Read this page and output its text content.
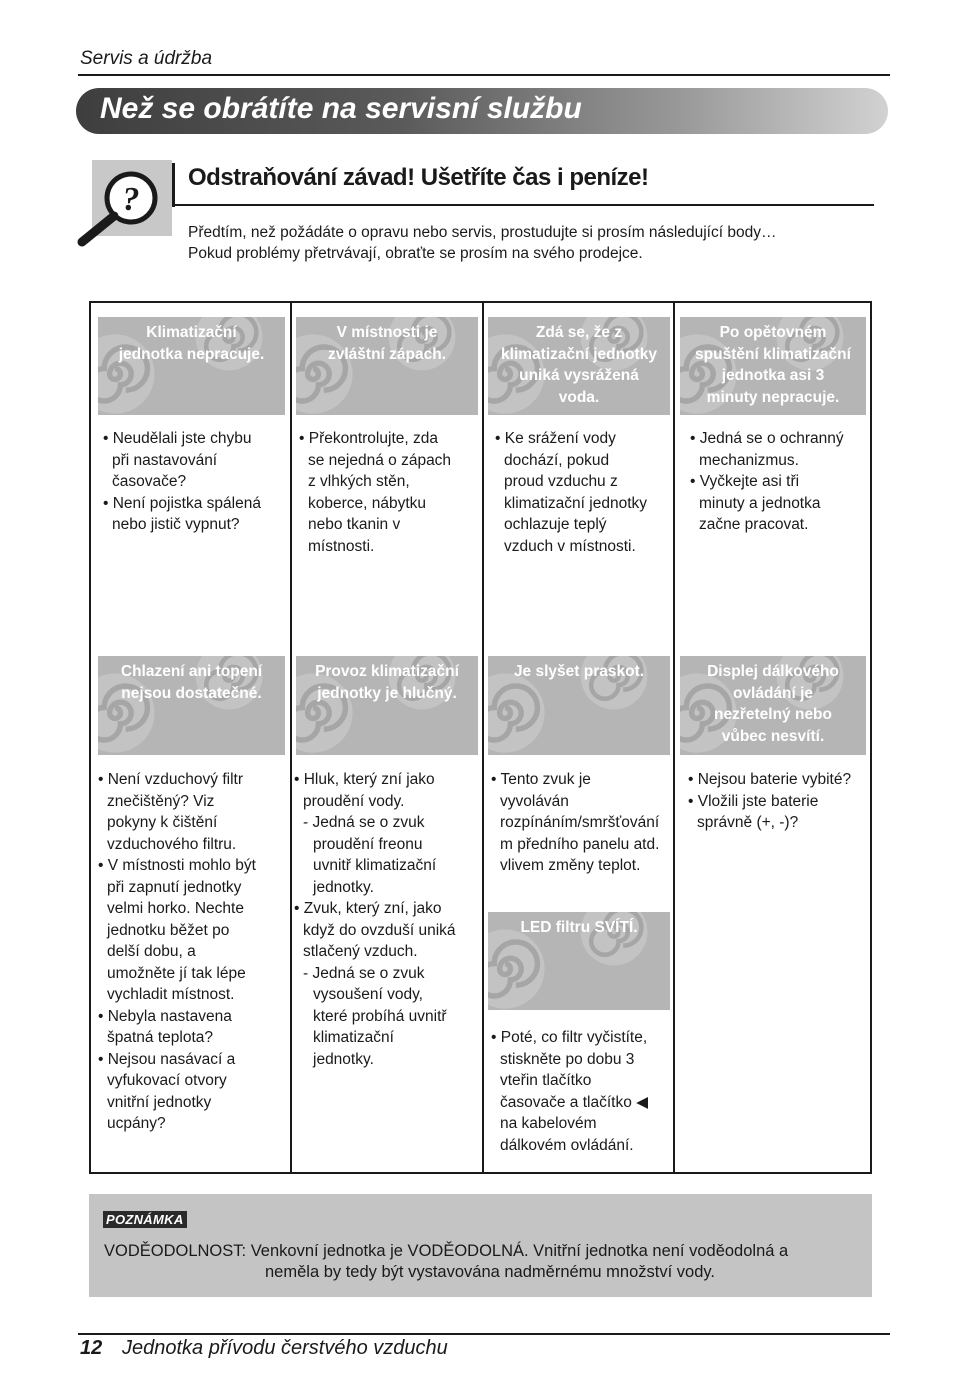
Servis a údržba
Než se obrátíte na servisní službu
?
Odstraňování závad! Ušetříte čas i peníze!
Předtím, než požádáte o opravu nebo servis, prostudujte si prosím následující body…
Pokud problémy přetrvávají, obraťte se prosím na svého prodejce.
Klimatizační
jednotka nepracuje.
• Neudělali jste chybu
při nastavování
časovače?
• Není pojistka spálená
nebo jistič vypnut?
V místnosti je
zvláštní zápach.
• Překontrolujte, zda
se nejedná o zápach
z vlhkých stěn,
koberce, nábytku
nebo tkanin v
místnosti.
Zdá se, že z
klimatizační jednotky
uniká vysrážená
voda.
• Ke srážení vody
dochází, pokud
proud vzduchu z
klimatizační jednotky
ochlazuje teplý
vzduch v místnosti.
Po opětovném
spuštění klimatizační
jednotka asi 3
minuty nepracuje.
• Jedná se o ochranný
mechanizmus.
• Vyčkejte asi tři
minuty a jednotka
začne pracovat.
Chlazení ani topení
nejsou dostatečné.
• Není vzduchový filtr
znečištěný? Viz
pokyny k čištění
vzduchového filtru.
• V místnosti mohlo být
při zapnutí jednotky
velmi horko. Nechte
jednotku běžet po
delší dobu, a
umožněte jí tak lépe
vychladit místnost.
• Nebyla nastavena
špatná teplota?
• Nejsou nasávací a
vyfukovací otvory
vnitřní jednotky
ucpány?
Provoz klimatizační
jednotky je hlučný.
• Hluk, který zní jako
proudění vody.
- Jedná se o zvuk
proudění freonu
uvnitř klimatizační
jednotky.
• Zvuk, který zní, jako
když do ovzduší uniká
stlačený vzduch.
- Jedná se o zvuk
vysoušení vody,
které probíhá uvnitř
klimatizační
jednotky.
Je slyšet praskot.
• Tento zvuk je
vyvoláván
rozpínáním/smršťování
m předního panelu atd.
vlivem změny teplot.
Displej dálkového
ovládání je
nezřetelný nebo
vůbec nesvítí.
• Nejsou baterie vybité?
• Vložili jste baterie
správně (+, -)?
LED filtru SVÍTÍ.
• Poté, co filtr vyčistíte,
stiskněte po dobu 3
vteřin tlačítko
časovače a tlačítko ◀
na kabelovém
dálkovém ovládání.
POZNÁMKA
VODĚODOLNOST: Venkovní jednotka je VODĚODOLNÁ. Vnitřní jednotka není voděodolná a
neměla by tedy být vystavována nadměrnému množství vody.
12 Jednotka přívodu čerstvého vzduchu
